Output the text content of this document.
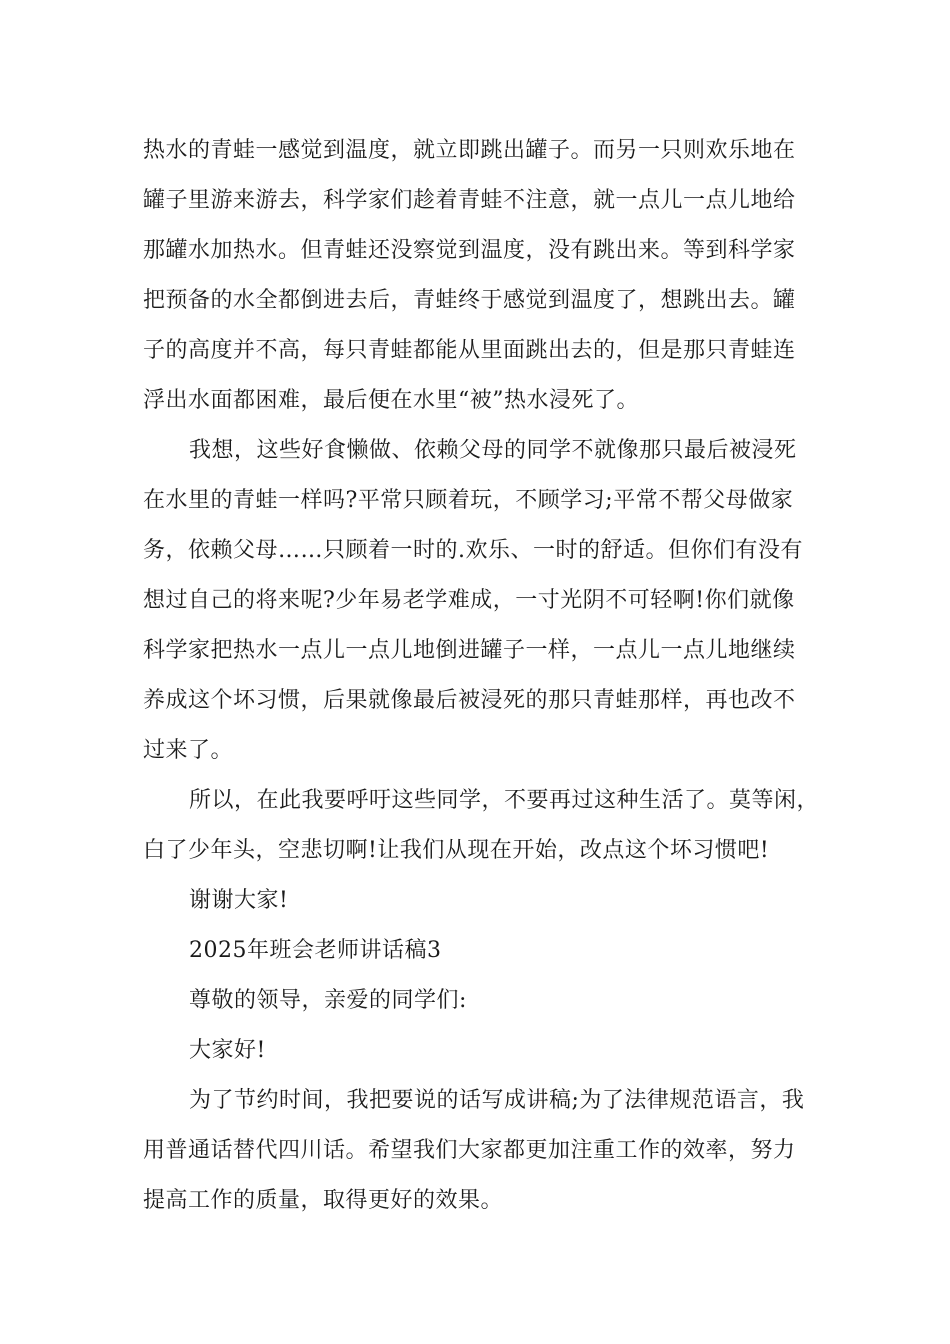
热水的青蛙一感觉到温度，就立即跳出罐子。而另一只则欢乐地在
罐子里游来游去，科学家们趁着青蛙不注意，就一点儿一点儿地给
那罐水加热水。但青蛙还没察觉到温度，没有跳出来。等到科学家
把预备的水全都倒进去后，青蛙终于感觉到温度了，想跳出去。罐
子的高度并不高，每只青蛙都能从里面跳出去的，但是那只青蛙连
浮出水面都困难，最后便在水里“被”热水浸死了。
我想，这些好食懒做、依赖父母的同学不就像那只最后被浸死
在水里的青蛙一样吗?平常只顾着玩，不顾学习;平常不帮父母做家
务，依赖父母……只顾着一时的.欢乐、一时的舒适。但你们有没有
想过自己的将来呢?少年易老学难成，一寸光阴不可轻啊!你们就像
科学家把热水一点儿一点儿地倒进罐子一样，一点儿一点儿地继续
养成这个坏习惯，后果就像最后被浸死的那只青蛙那样，再也改不
过来了。
所以，在此我要呼吁这些同学，不要再过这种生活了。莫等闲，
白了少年头，空悲切啊!让我们从现在开始，改点这个坏习惯吧!
谢谢大家!
2025年班会老师讲话稿3
尊敬的领导，亲爱的同学们:
大家好!
为了节约时间，我把要说的话写成讲稿;为了法律规范语言，我
用普通话替代四川话。希望我们大家都更加注重工作的效率，努力
提高工作的质量，取得更好的效果。
